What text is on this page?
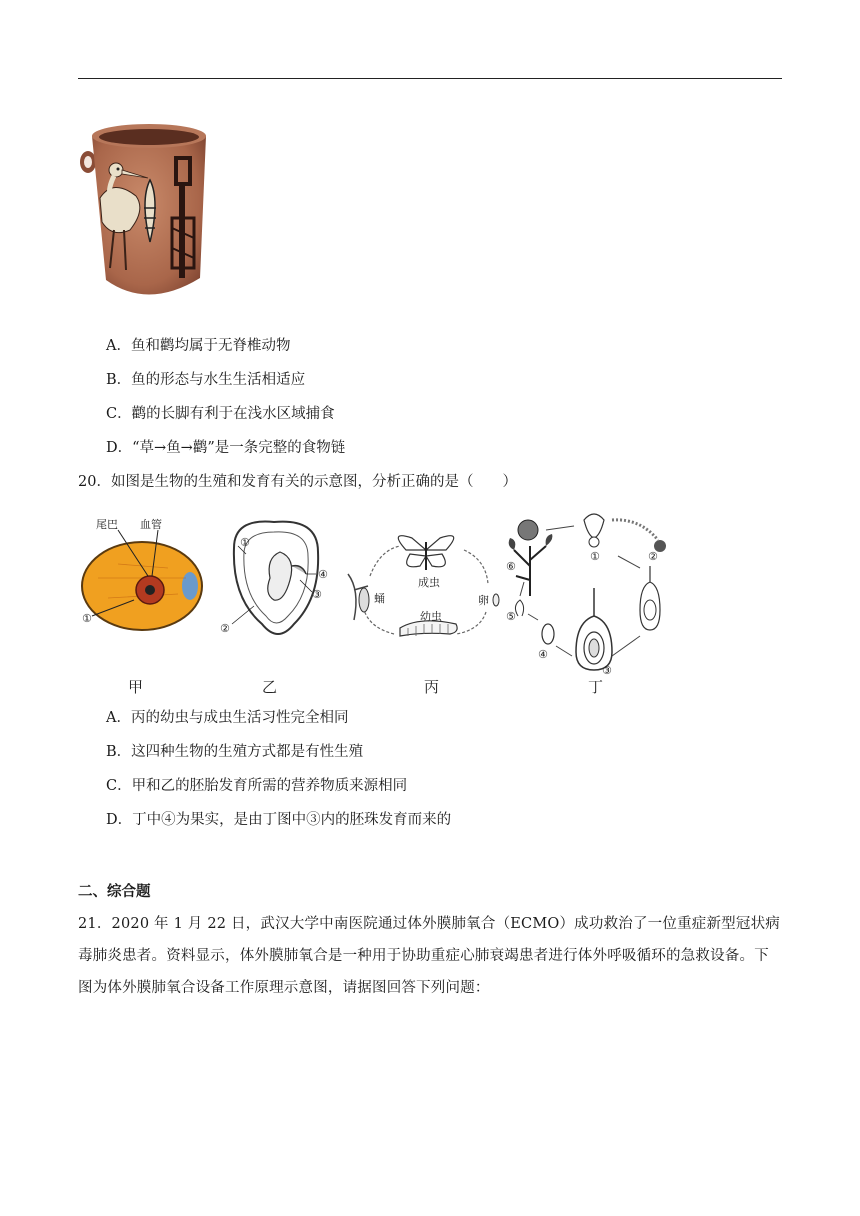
A．鱼和鹳均属于无脊椎动物
B．鱼的形态与水生生活相适应
C．鹳的长脚有利于在浅水区域捕食
D．“草→鱼→鹳”是一条完整的食物链
20．如图是生物的生殖和发育有关的示意图，分析正确的是（　　）
尾巴 血管
①
①
②
③
④
成虫
蛹	卵
幼虫
①	②
③
④
⑤
⑥
甲	乙	丙	丁
A．丙的幼虫与成虫生活习性完全相同
B．这四种生物的生殖方式都是有性生殖
C．甲和乙的胚胎发育所需的营养物质来源相同
D．丁中④为果实，是由丁图中③内的胚珠发育而来的
二、综合题
21．2020 年 1 月 22 日，武汉大学中南医院通过体外膜肺氧合（ECMO）成功救治了一位重症新型冠状病毒肺炎患者。资料显示，体外膜肺氧合是一种用于协助重症心肺衰竭患者进行体外呼吸循环的急救设备。下图为体外膜肺氧合设备工作原理示意图，请据图回答下列问题：
